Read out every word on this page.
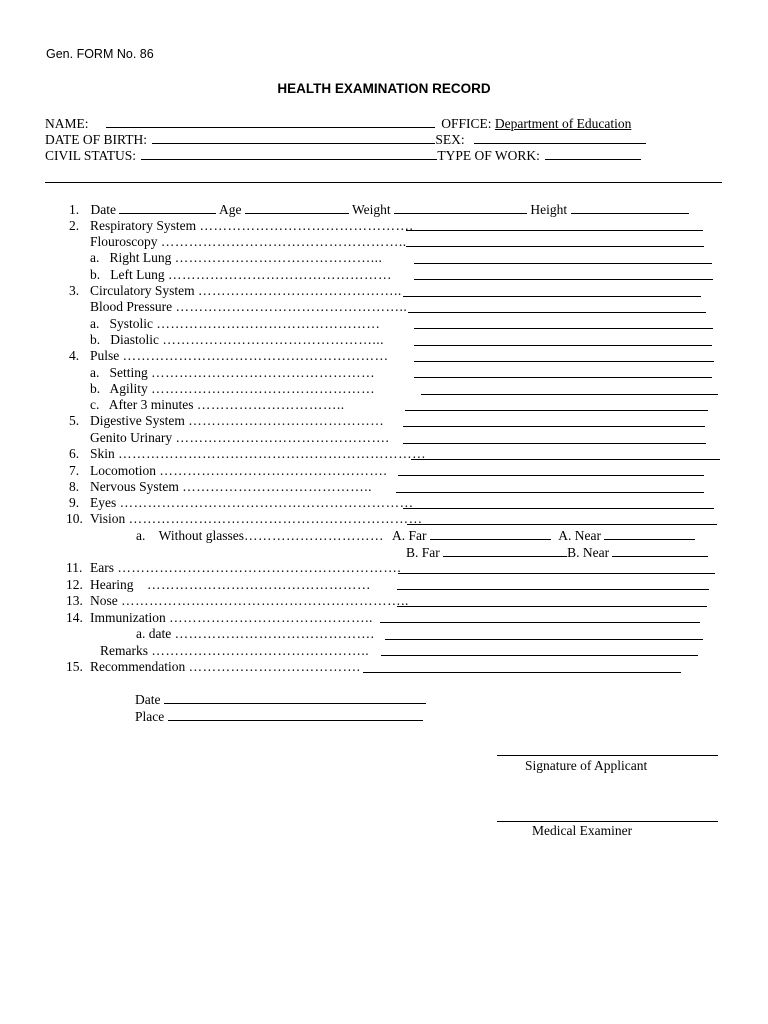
Gen. FORM No. 86
HEALTH EXAMINATION RECORD
NAME:	OFFICE: Department of Education
DATE OF BIRTH:	SEX:
CIVIL STATUS:	TYPE OF WORK:
1. Date	Age	Weight	Height
2. Respiratory System ……………………………………….
Flouroscopy ……………………………………………..
a. Right Lung ……………………………………...
b. Left Lung …………………………………………
3. Circulatory System ……………………………………..
Blood Pressure …………………………………………..
a. Systolic …………………………………………
b. Diastolic ………………………………………...
4. Pulse …………………………………………………
a. Setting …………………………………………
b. Agility …………………………………………
c. After 3 minutes …………………………..
5. Digestive System ……………………………………
Genito Urinary ……………………………………….
6. Skin …………………………………………………………
7. Locomotion ………………………………………….
8. Nervous System …………………………………..
9. Eyes ………………………………………………………
10. Vision ………………………………………………………
a. Without glasses………………………… A. Far	A. Near
B. Far	B. Near
11. Ears …………………………………………………….
12. Hearing …………………………………………
13. Nose ……………………………………………………..
14. Immunization ……………………………………..
a. date …………………………………….
Remarks ………………………………………..
15. Recommendation ……………………………….
Date
Place
Signature of Applicant
Medical Examiner
